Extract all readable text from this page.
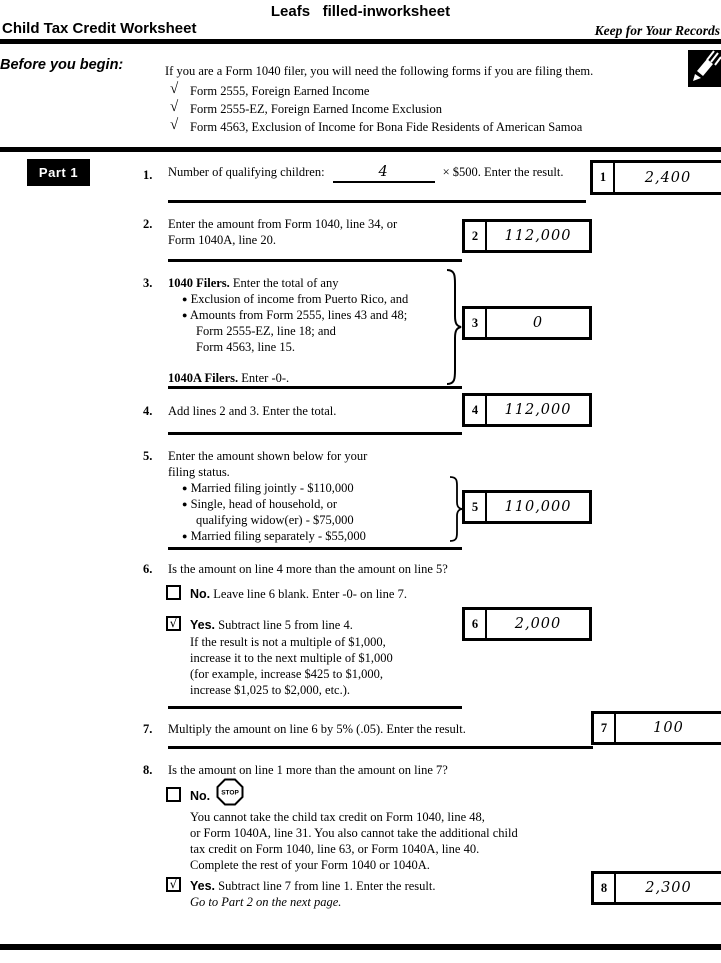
Leafs   filled-inworksheet
Child Tax Credit Worksheet	Keep for Your Records
Before you begin:	If you are a Form 1040 filer, you will need the following forms if you are filing them.
√ Form 2555, Foreign Earned Income
√ Form 2555-EZ, Foreign Earned Income Exclusion
√ Form 4563, Exclusion of Income for Bona Fide Residents of American Samoa
Part 1	1. Number of qualifying children:	4	× $500. Enter the result.	1	2,400
2. Enter the amount from Form 1040, line 34, or
Form 1040A, line 20.	2	112,000
3. 1040 Filers. Enter the total of any
● Exclusion of income from Puerto Rico, and
● Amounts from Form 2555, lines 43 and 48;
Form 2555-EZ, line 18; and
Form 4563, line 15.
1040A Filers. Enter -0-.
3	0
4. Add lines 2 and 3. Enter the total.	4	112,000
5. Enter the amount shown below for your
filing status.
● Married filing jointly - $110,000
● Single, head of household, or
qualifying widow(er) - $75,000
● Married filing separately - $55,000
5	110,000
6. Is the amount on line 4 more than the amount on line 5?
No. Leave line 6 blank. Enter -0- on line 7.
√ Yes. Subtract line 5 from line 4.
If the result is not a multiple of $1,000,
increase it to the next multiple of $1,000
(for example, increase $425 to $1,000,
increase $1,025 to $2,000, etc.).
6	2,000
7. Multiply the amount on line 6 by 5% (.05). Enter the result.	7	100
8. Is the amount on line 1 more than the amount on line 7?
No. STOP
You cannot take the child tax credit on Form 1040, line 48,
or Form 1040A, line 31. You also cannot take the additional child
tax credit on Form 1040, line 63, or Form 1040A, line 40.
Complete the rest of your Form 1040 or 1040A.
√ Yes. Subtract line 7 from line 1. Enter the result.
Go to Part 2 on the next page.
8	2,300
